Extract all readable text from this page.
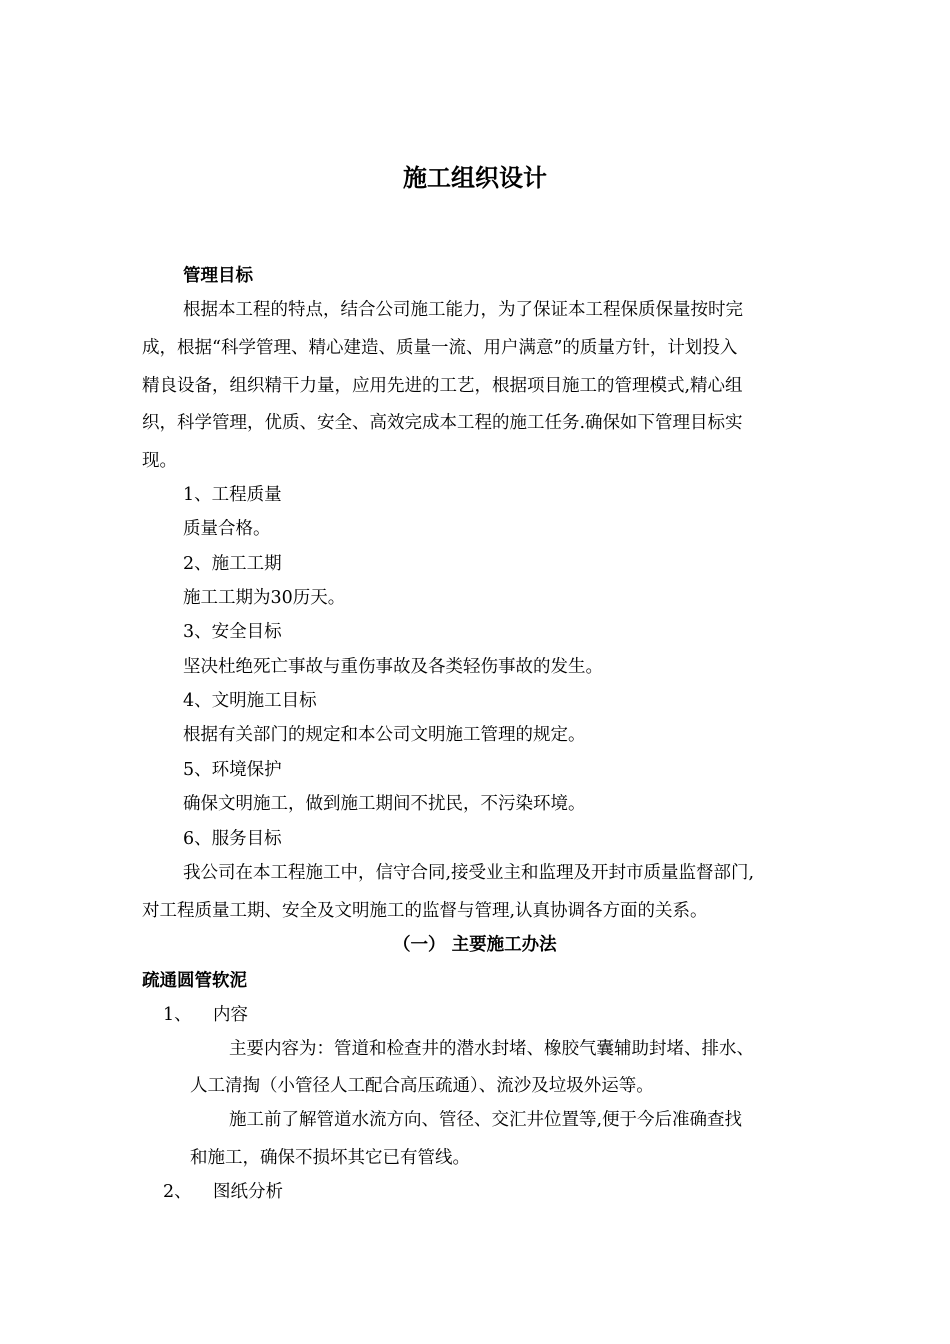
施工组织设计
管理目标
根据本工程的特点，结合公司施工能力，为了保证本工程保质保量按时完
成，根据“科学管理、精心建造、质量一流、用户满意”的质量方针，计划投入
精良设备，组织精干力量，应用先进的工艺，根据项目施工的管理模式,精心组
织，科学管理，优质、安全、高效完成本工程的施工任务.确保如下管理目标实
现。
1、工程质量
质量合格。
2、施工工期
施工工期为30历天。
3、安全目标
坚决杜绝死亡事故与重伤事故及各类轻伤事故的发生。
4、文明施工目标
根据有关部门的规定和本公司文明施工管理的规定。
5、环境保护
确保文明施工，做到施工期间不扰民，不污染环境。
6、服务目标
我公司在本工程施工中，信守合同,接受业主和监理及开封市质量监督部门,
对工程质量工期、安全及文明施工的监督与管理,认真协调各方面的关系。
（一） 主要施工办法
疏通圆管软泥
1、 内容
主要内容为：管道和检查井的潜水封堵、橡胶气囊辅助封堵、排水、
人工清掏（小管径人工配合高压疏通）、流沙及垃圾外运等。
施工前了解管道水流方向、管径、交汇井位置等,便于今后准确查找
和施工，确保不损坏其它已有管线。
2、 图纸分析
